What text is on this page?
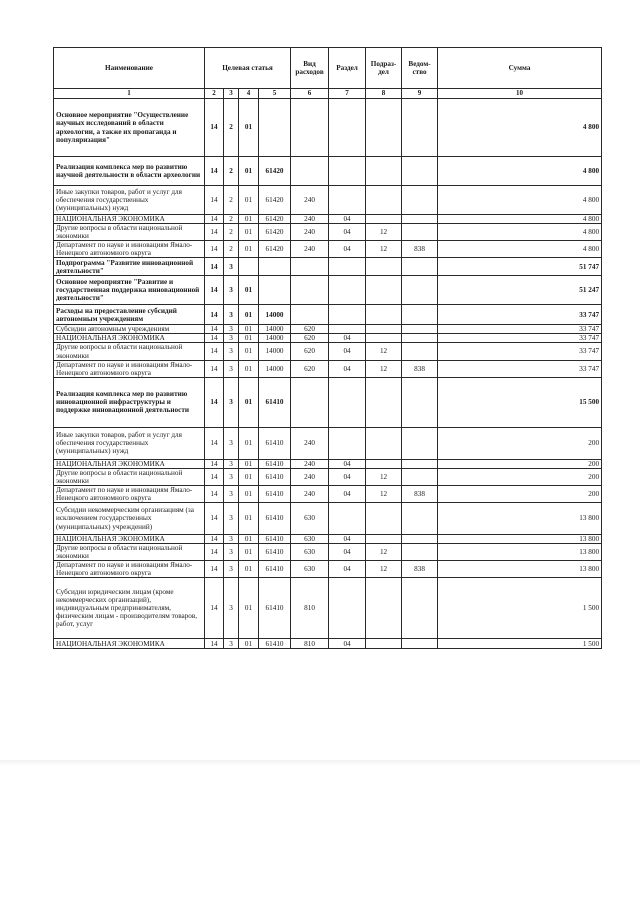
Наименование	Целевая статья				Вид расходов	Раздел	Подраз-дел	Ведом-ство	Сумма
1	2	3	4	5	6	7	8	9	10
Основное мероприятие "Осуществление научных исследований в области археологии, а также их пропаганда и популяризация"	14	2	01						4 800
Реализация комплекса мер по развитию научной деятельности в области археологии	14	2	01	61420					4 800
Иные закупки товаров, работ и услуг для обеспечения государственных (муниципальных) нужд	14	2	01	61420	240				4 800
НАЦИОНАЛЬНАЯ ЭКОНОМИКА	14	2	01	61420	240	04			4 800
Другие вопросы в области национальной экономики	14	2	01	61420	240	04	12		4 800
Департамент по науке и инновациям Ямало-Ненецкого автономного округа	14	2	01	61420	240	04	12	838	4 800
Подпрограмма "Развитие инновационной деятельности"	14	3							51 747
Основное мероприятие "Развитие и государственная поддержка инновационной деятельности"	14	3	01						51 247
Расходы на предоставление субсидий автономным учреждениям	14	3	01	14000					33 747
Субсидии автономным учреждениям	14	3	01	14000	620				33 747
НАЦИОНАЛЬНАЯ ЭКОНОМИКА	14	3	01	14000	620	04			33 747
Другие вопросы в области национальной экономики	14	3	01	14000	620	04	12		33 747
Департамент по науке и инновациям Ямало-Ненецкого автономного округа	14	3	01	14000	620	04	12	838	33 747
Реализация комплекса мер по развитию инновационной инфраструктуры и поддержке инновационной деятельности	14	3	01	61410					15 500
Иные закупки товаров, работ и услуг для обеспечения государственных (муниципальных) нужд	14	3	01	61410	240				200
НАЦИОНАЛЬНАЯ ЭКОНОМИКА	14	3	01	61410	240	04			200
Другие вопросы в области национальной экономики	14	3	01	61410	240	04	12		200
Департамент по науке и инновациям Ямало-Ненецкого автономного округа	14	3	01	61410	240	04	12	838	200
Субсидии некоммерческим организациям (за исключением государственных (муниципальных) учреждений)	14	3	01	61410	630				13 800
НАЦИОНАЛЬНАЯ ЭКОНОМИКА	14	3	01	61410	630	04			13 800
Другие вопросы в области национальной экономики	14	3	01	61410	630	04	12		13 800
Департамент по науке и инновациям Ямало-Ненецкого автономного округа	14	3	01	61410	630	04	12	838	13 800
Субсидии юридическим лицам (кроме некоммерческих организаций), индивидуальным предпринимателям, физическим лицам - производителям товаров, работ, услуг	14	3	01	61410	810				1 500
НАЦИОНАЛЬНАЯ ЭКОНОМИКА	14	3	01	61410	810	04			1 500
